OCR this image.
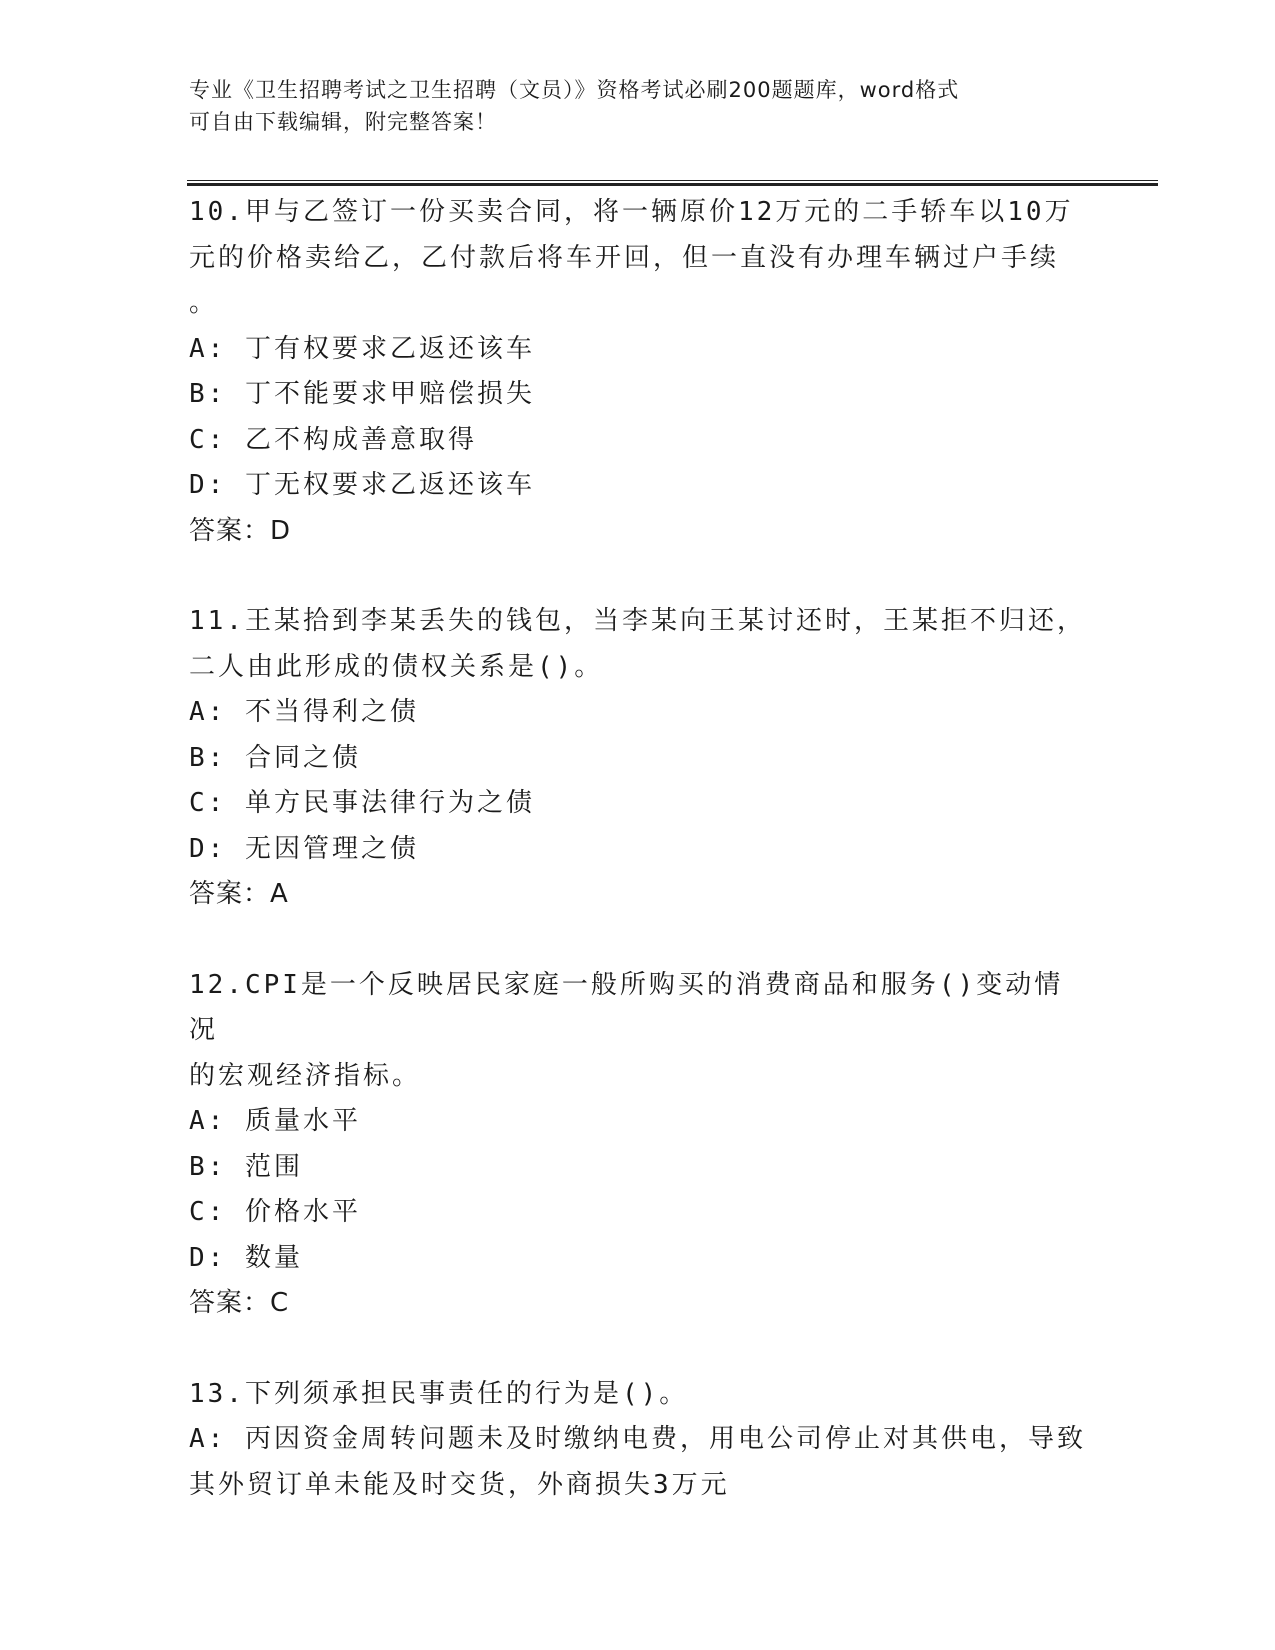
专业《卫生招聘考试之卫生招聘（文员）》资格考试必刷200题题库，word格式
可自由下载编辑，附完整答案！

10.甲与乙签订一份买卖合同，将一辆原价12万元的二手轿车以10万

元的价格卖给乙，乙付款后将车开回，但一直没有办理车辆过户手续

。

A: 丁有权要求乙返还该车

B: 丁不能要求甲赔偿损失

C: 乙不构成善意取得

D: 丁无权要求乙返还该车

答案：D

11.王某拾到李某丢失的钱包，当李某向王某讨还时，王某拒不归还，

二人由此形成的债权关系是()。

A: 不当得利之债

B: 合同之债

C: 单方民事法律行为之债

D: 无因管理之债

答案：A

12.CPI是一个反映居民家庭一般所购买的消费商品和服务()变动情况

的宏观经济指标。

A: 质量水平

B: 范围

C: 价格水平

D: 数量

答案：C

13.下列须承担民事责任的行为是()。

A: 丙因资金周转问题未及时缴纳电费，用电公司停止对其供电，导致

其外贸订单未能及时交货，外商损失3万元
